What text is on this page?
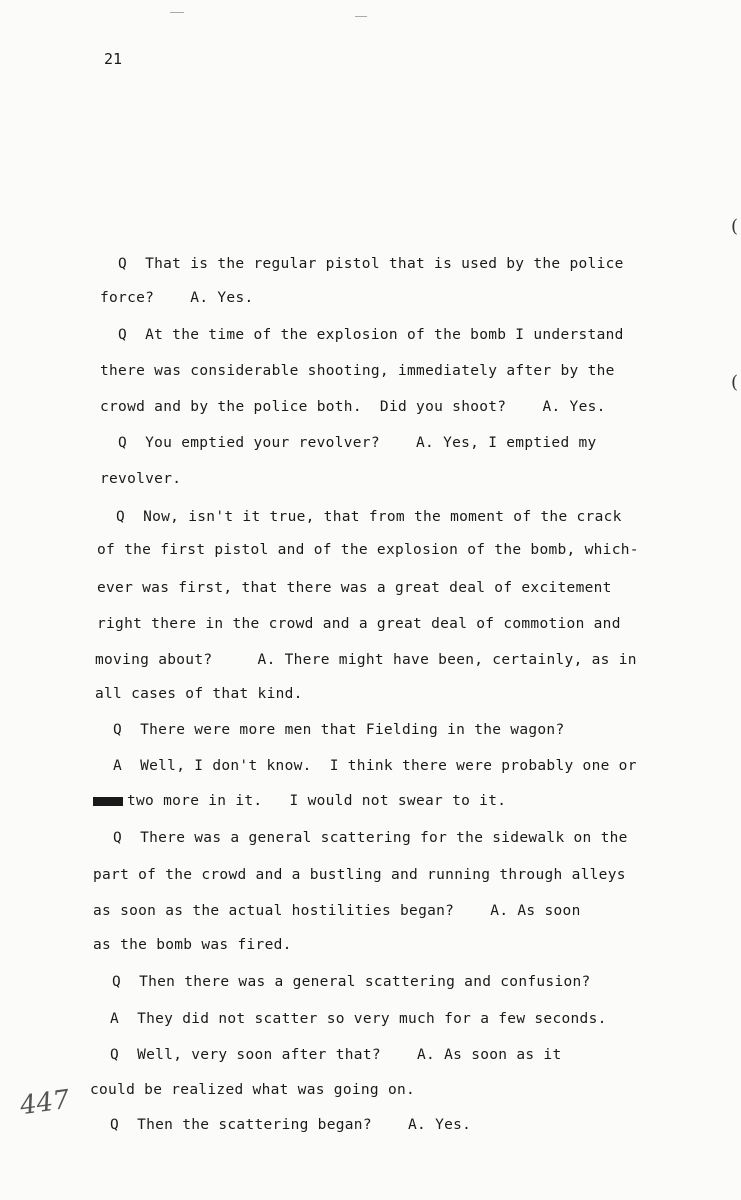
21
(
(
Q  That is the regular pistol that is used by the police
force?    A. Yes.
Q  At the time of the explosion of the bomb I understand
there was considerable shooting, immediately after by the
crowd and by the police both.  Did you shoot?    A. Yes.
Q  You emptied your revolver?    A. Yes, I emptied my
revolver.
Q  Now, isn't it true, that from the moment of the crack
of the first pistol and of the explosion of the bomb, which-
ever was first, that there was a great deal of excitement
right there in the crowd and a great deal of commotion and
moving about?     A. There might have been, certainly, as in
all cases of that kind.
Q  There were more men that Fielding in the wagon?
A  Well, I don't know.  I think there were probably one or
two more in it.   I would not swear to it.
Q  There was a general scattering for the sidewalk on the
part of the crowd and a bustling and running through alleys
as soon as the actual hostilities began?    A. As soon
as the bomb was fired.
Q  Then there was a general scattering and confusion?
A  They did not scatter so very much for a few seconds.
Q  Well, very soon after that?    A. As soon as it
could be realized what was going on.
Q  Then the scattering began?    A. Yes.
447
